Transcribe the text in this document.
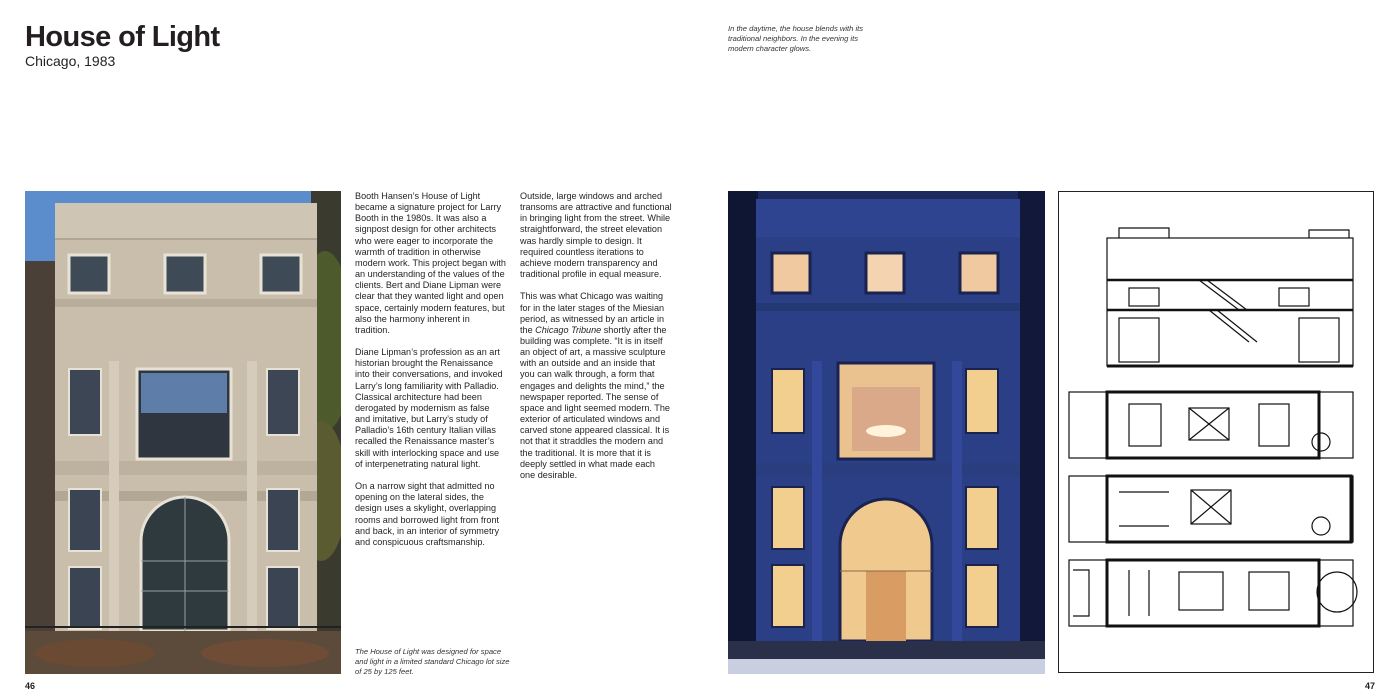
House of Light
Chicago, 1983
In the daytime, the house blends with its traditional neighbors. In the evening its modern character glows.

Booth Hansen’s House of Light became a signature project for Larry Booth in the 1980s. It was also a signpost design for other architects who were eager to incorporate the warmth of tradition in otherwise modern work. This project began with an understanding of the values of the clients. Bert and Diane Lipman were clear that they wanted light and open space, certainly modern features, but also the harmony inherent in tradition.

Diane Lipman’s profession as an art historian brought the Renaissance into their conversations, and invoked Larry’s long familiarity with Palladio. Classical architecture had been derogated by modernism as false and imitative, but Larry’s study of Palladio’s 16th century Italian villas recalled the Renaissance master’s skill with interlocking space and use of interpenetrating natural light.

On a narrow sight that admitted no opening on the lateral sides, the design uses a skylight, overlapping rooms and borrowed light from front and back, in an interior of symmetry and conspicuous craftsmanship.

Outside, large windows and arched transoms are attractive and functional in bringing light from the street. While straightforward, the street elevation was hardly simple to design. It required countless iterations to achieve modern transparency and traditional profile in equal measure.

This was what Chicago was waiting for in the later stages of the Miesian period, as witnessed by an article in the Chicago Tribune shortly after the building was complete. “It is in itself an object of art, a massive sculpture with an outside and an inside that you can walk through, a form that engages and delights the mind,” the newspaper reported. The sense of space and light seemed modern. The exterior of articulated windows and carved stone appeared classical. It is not that it straddles the modern and the traditional. It is more that it is deeply settled in what made each one desirable.

The House of Light was designed for space and light in a limited standard Chicago lot size of 25 by 125 feet.
46	47
